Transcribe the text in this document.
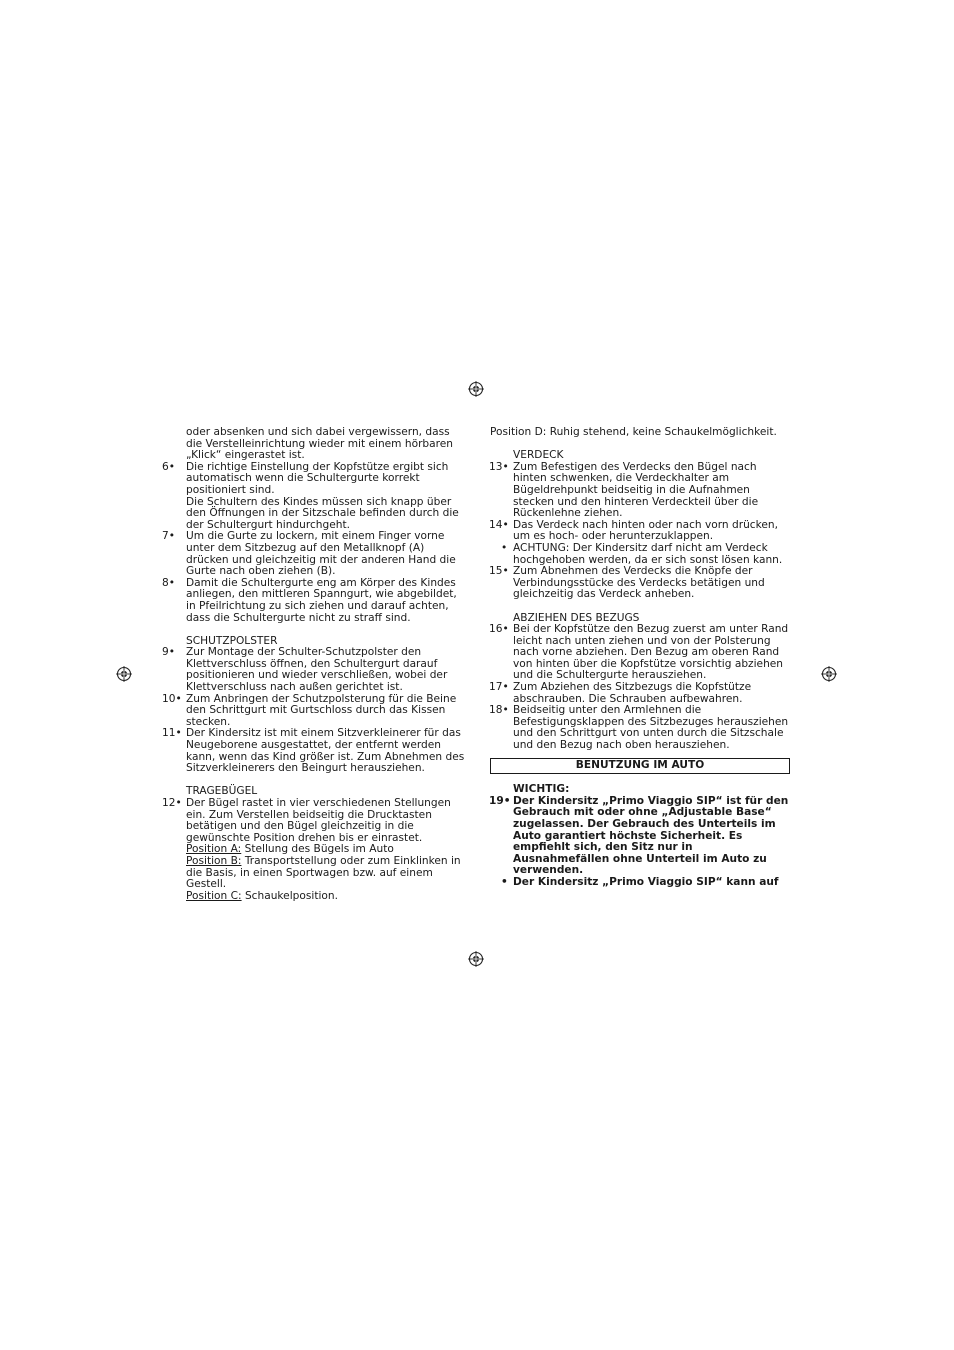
oder absenken und sich dabei vergewissern, dass die Verstelleinrichtung wieder mit einem hörbaren „Klick“ eingerastet ist.

6•	Die richtige Einstellung der Kopfstütze ergibt sich automatisch wenn die Schultergurte korrekt positioniert sind.

Die Schultern des Kindes müssen sich knapp über den Öffnungen in der Sitzschale befinden durch die der Schultergurt hindurchgeht.

7•	Um die Gurte zu lockern, mit einem Finger vorne unter dem Sitzbezug auf den Metallknopf (A) drücken und gleichzeitig mit der anderen Hand die Gurte nach oben ziehen (B).

8•	Damit die Schultergurte eng am Körper des Kindes anliegen, den mittleren Spanngurt, wie abgebildet, in Pfeilrichtung zu sich ziehen und darauf achten, dass die Schultergurte nicht zu straff sind.

SCHUTZPOLSTER

9•	Zur Montage der Schulter-Schutzpolster den Klettverschluss öffnen, den Schultergurt darauf positionieren und wieder verschließen, wobei der Klettverschluss nach außen gerichtet ist.

10• Zum Anbringen der Schutzpolsterung für die Beine den Schrittgurt mit Gurtschloss durch das Kissen stecken.

11• Der Kindersitz ist mit einem Sitzverkleinerer für das Neugeborene ausgestattet, der entfernt werden kann, wenn das Kind größer ist. Zum Abnehmen des Sitzverkleinerers den Beingurt herausziehen.

TRAGEBÜGEL

12• Der Bügel rastet in vier verschiedenen Stellungen ein. Zum Verstellen beidseitig die Drucktasten betätigen und den Bügel gleichzeitig in die gewünschte Position drehen bis er einrastet.

Position A: Stellung des Bügels im Auto

Position B: Transportstellung oder zum Einklinken in die Basis, in einen Sportwagen bzw. auf einem Gestell.

Position C: Schaukelposition.

Position D: Ruhig stehend, keine Schaukelmöglichkeit.

VERDECK

13• Zum Befestigen des Verdecks den Bügel nach hinten schwenken, die Verdeckhalter am Bügeldrehpunkt beidseitig in die Aufnahmen stecken und den hinteren Verdeckteil über die Rückenlehne ziehen.

14• Das Verdeck nach hinten oder nach vorn drücken, um es hoch- oder herunterzuklappen.

• ACHTUNG: Der Kindersitz darf nicht am Verdeck hochgehoben werden, da er sich sonst lösen kann.

15• Zum Abnehmen des Verdecks die Knöpfe der Verbindungsstücke des Verdecks betätigen und gleichzeitig das Verdeck anheben.

ABZIEHEN DES BEZUGS

16• Bei der Kopfstütze den Bezug zuerst am unter Rand leicht nach unten ziehen und von der Polsterung nach vorne abziehen. Den Bezug am oberen Rand von hinten über die Kopfstütze vorsichtig abziehen und die Schultergurte herausziehen.

17• Zum Abziehen des Sitzbezugs die Kopfstütze abschrauben. Die Schrauben aufbewahren.

18• Beidseitig unter den Armlehnen die Befestigungsklappen des Sitzbezuges herausziehen und den Schrittgurt von unten durch die Sitzschale und den Bezug nach oben herausziehen.

BENUTZUNG IM AUTO

WICHTIG:

19• Der Kindersitz „Primo Viaggio SIP“ ist für den Gebrauch mit oder ohne „Adjustable Base“ zugelassen. Der Gebrauch des Unterteils im Auto garantiert höchste Sicherheit. Es empfiehlt sich, den Sitz nur in Ausnahmefällen ohne Unterteil im Auto zu verwenden.

• Der Kindersitz „Primo Viaggio SIP“ kann auf
